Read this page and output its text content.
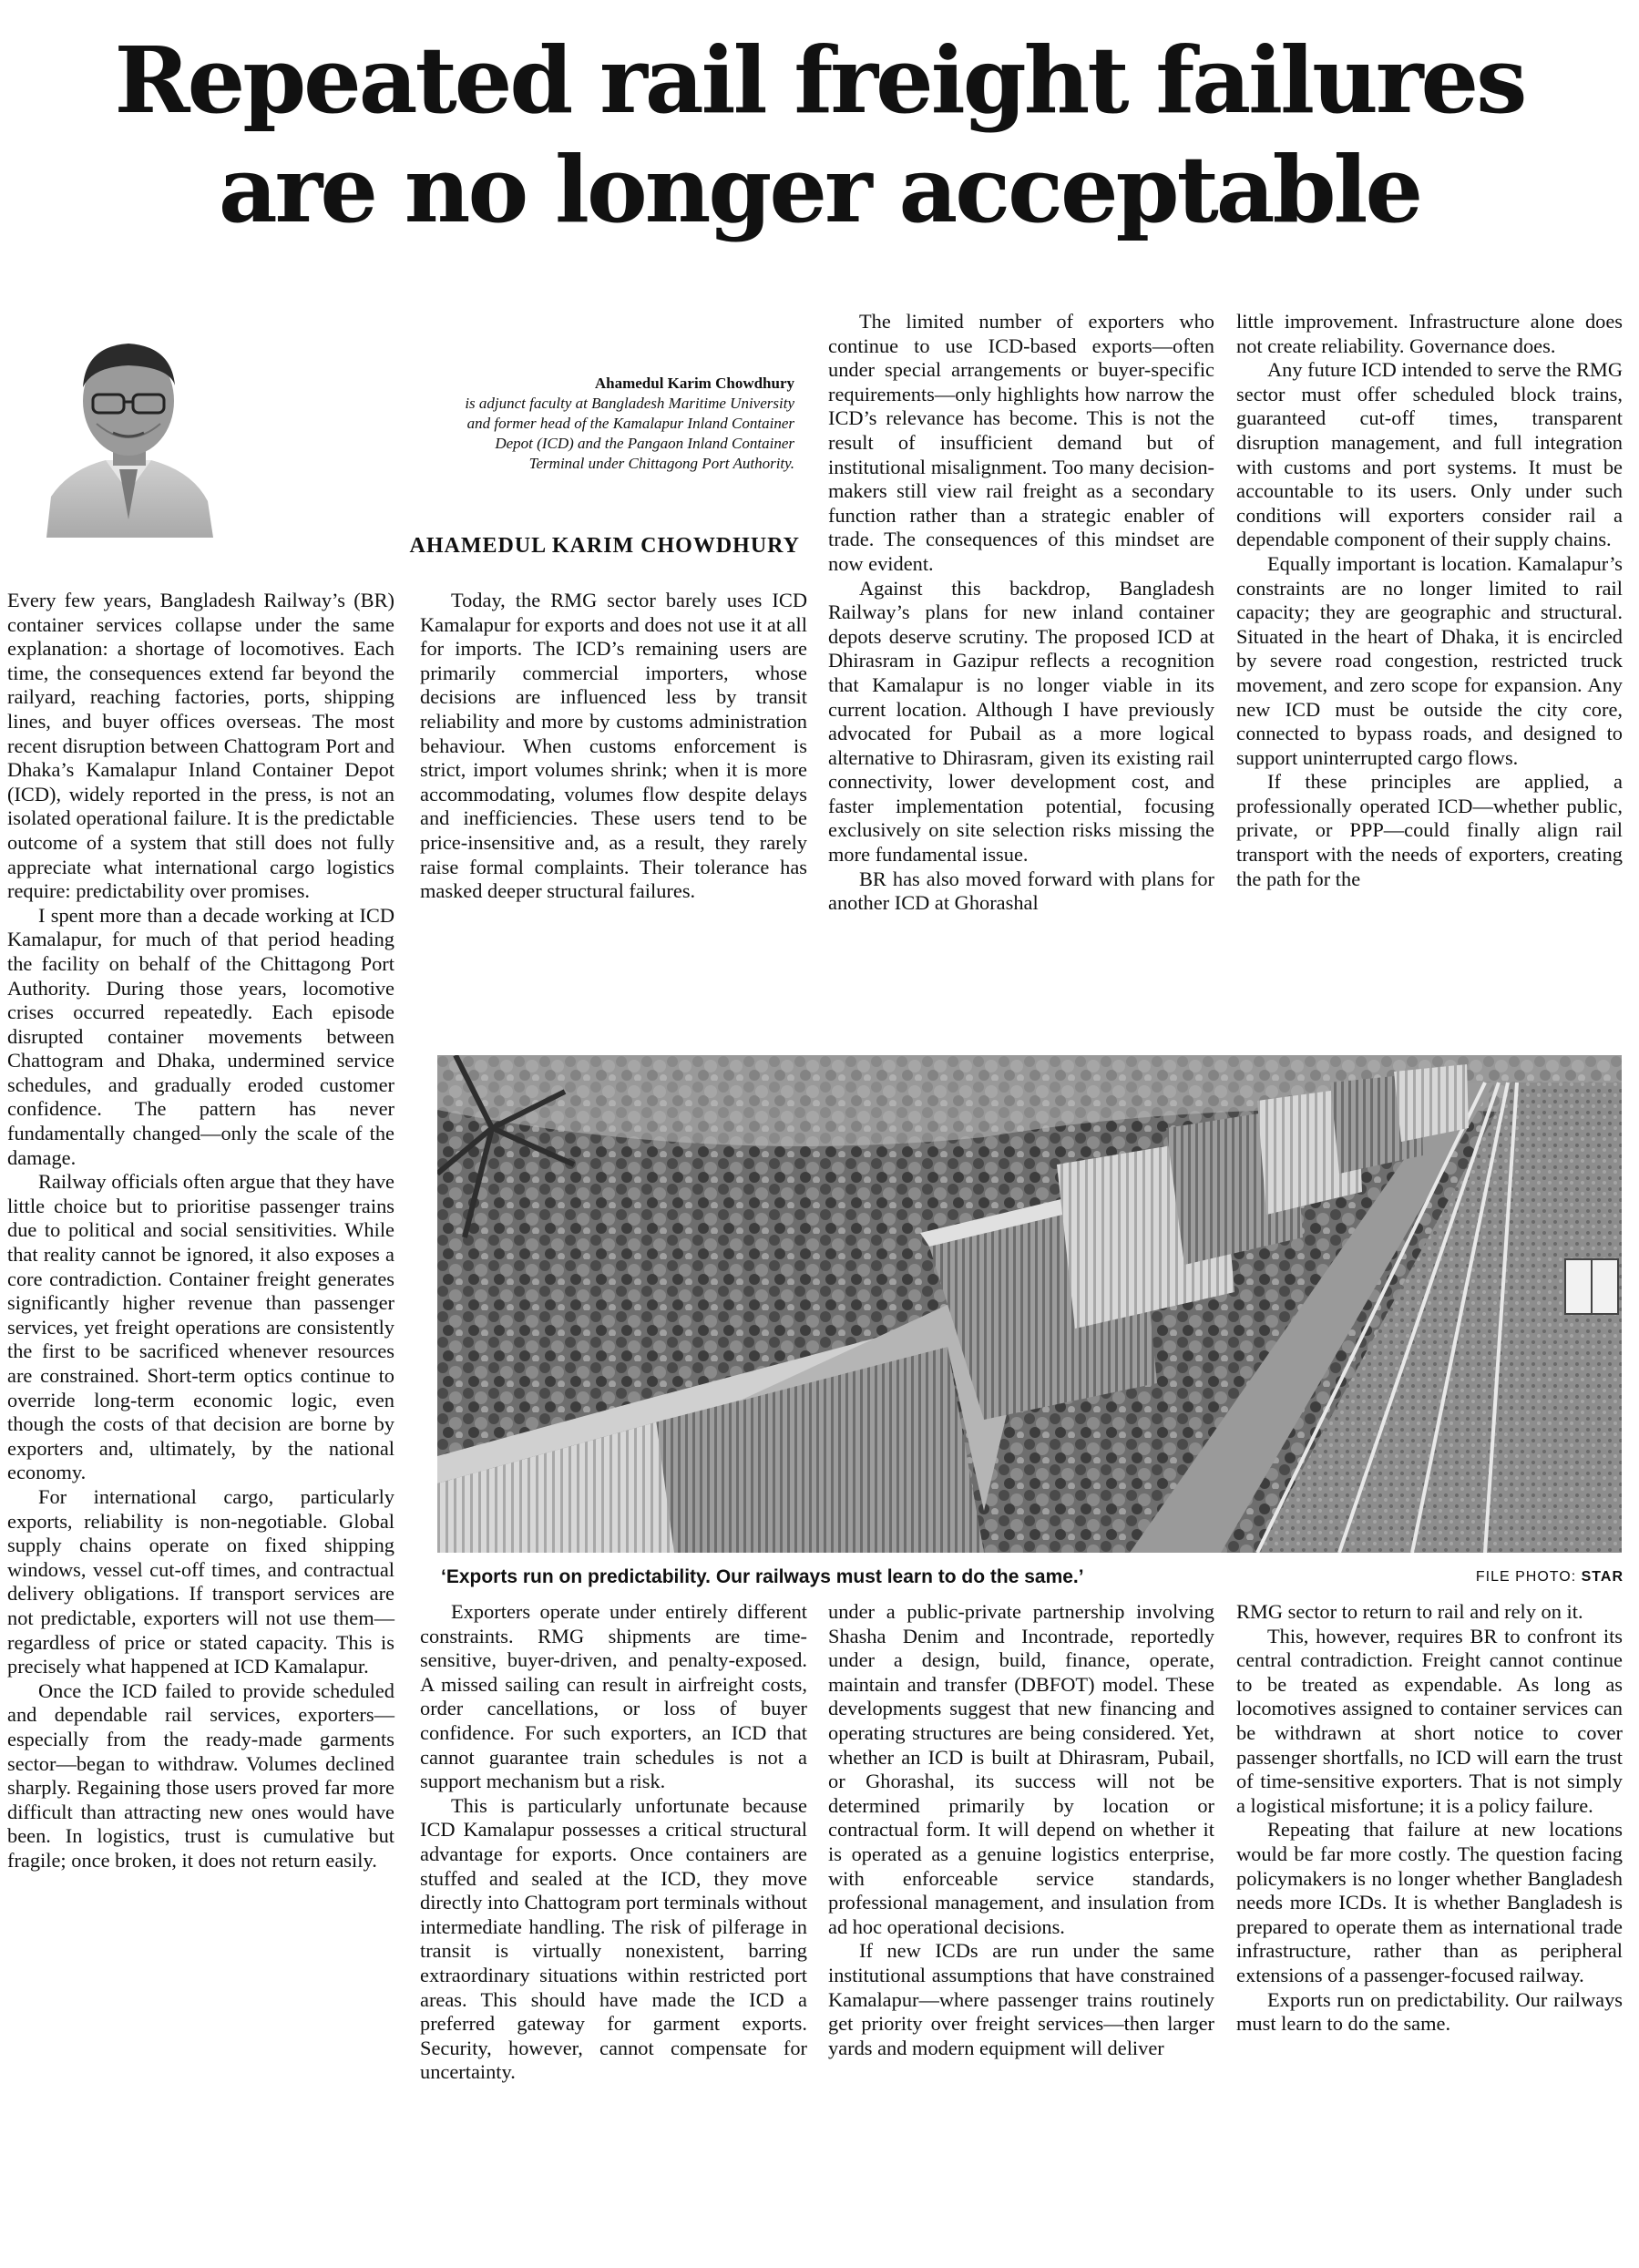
Repeated rail freight failures
are no longer acceptable
Ahamedul Karim Chowdhury
is adjunct faculty at Bangladesh Maritime University
and former head of the Kamalapur Inland Container
Depot (ICD) and the Pangaon Inland Container
Terminal under Chittagong Port Authority.
AHAMEDUL KARIM CHOWDHURY

Every few years, Bangladesh Railway’s (BR) container services collapse under the same explanation: a shortage of locomotives. Each time, the consequences extend far beyond the railyard, reaching factories, ports, shipping lines, and buyer offices overseas. The most recent disruption between Chattogram Port and Dhaka’s Kamalapur Inland Container Depot (ICD), widely reported in the press, is not an isolated operational failure. It is the predictable outcome of a system that still does not fully appreciate what international cargo logistics require: predictability over promises.

I spent more than a decade working at ICD Kamalapur, for much of that period heading the facility on behalf of the Chittagong Port Authority. During those years, locomotive crises occurred repeatedly. Each episode disrupted container movements between Chattogram and Dhaka, undermined service schedules, and gradually eroded customer confidence. The pattern has never fundamentally changed—only the scale of the damage.

Railway officials often argue that they have little choice but to prioritise passenger trains due to political and social sensitivities. While that reality cannot be ignored, it also exposes a core contradiction. Container freight generates significantly higher revenue than passenger services, yet freight operations are consistently the first to be sacrificed whenever resources are constrained. Short-term optics continue to override long-term economic logic, even though the costs of that decision are borne by exporters and, ultimately, by the national economy.

For international cargo, particularly exports, reliability is non-negotiable. Global supply chains operate on fixed shipping windows, vessel cut-off times, and contractual delivery obligations. If transport services are not predictable, exporters will not use them—regardless of price or stated capacity. This is precisely what happened at ICD Kamalapur.

Once the ICD failed to provide scheduled and dependable rail services, exporters—especially from the ready-made garments sector—began to withdraw. Volumes declined sharply. Regaining those users proved far more difficult than attracting new ones would have been. In logistics, trust is cumulative but fragile; once broken, it does not return easily.

Today, the RMG sector barely uses ICD Kamalapur for exports and does not use it at all for imports. The ICD’s remaining users are primarily commercial importers, whose decisions are influenced less by transit reliability and more by customs administration behaviour. When customs enforcement is strict, import volumes shrink; when it is more accommodating, volumes flow despite delays and inefficiencies. These users tend to be price-insensitive and, as a result, they rarely raise formal complaints. Their tolerance has masked deeper structural failures.

The limited number of exporters who continue to use ICD-based exports—often under special arrangements or buyer-specific requirements—only highlights how narrow the ICD’s relevance has become. This is not the result of insufficient demand but of institutional misalignment. Too many decision-makers still view rail freight as a secondary function rather than a strategic enabler of trade. The consequences of this mindset are now evident.

Against this backdrop, Bangladesh Railway’s plans for new inland container depots deserve scrutiny. The proposed ICD at Dhirasram in Gazipur reflects a recognition that Kamalapur is no longer viable in its current location. Although I have previously advocated for Pubail as a more logical alternative to Dhirasram, given its existing rail connectivity, lower development cost, and faster implementation potential, focusing exclusively on site selection risks missing the more fundamental issue.

BR has also moved forward with plans for another ICD at Ghorashal

little improvement. Infrastructure alone does not create reliability. Governance does.

Any future ICD intended to serve the RMG sector must offer scheduled block trains, guaranteed cut-off times, transparent disruption management, and full integration with customs and port systems. It must be accountable to its users. Only under such conditions will exporters consider rail a dependable component of their supply chains.

Equally important is location. Kamalapur’s constraints are no longer limited to rail capacity; they are geographic and structural. Situated in the heart of Dhaka, it is encircled by severe road congestion, restricted truck movement, and zero scope for expansion. Any new ICD must be outside the city core, connected to bypass roads, and designed to support uninterrupted cargo flows.

If these principles are applied, a professionally operated ICD—whether public, private, or PPP—could finally align rail transport with the needs of exporters, creating the path for the

‘Exports run on predictability. Our railways must learn to do the same.’	FILE PHOTO: STAR

Exporters operate under entirely different constraints. RMG shipments are time-sensitive, buyer-driven, and penalty-exposed. A missed sailing can result in airfreight costs, order cancellations, or loss of buyer confidence. For such exporters, an ICD that cannot guarantee train schedules is not a support mechanism but a risk.

This is particularly unfortunate because ICD Kamalapur possesses a critical structural advantage for exports. Once containers are stuffed and sealed at the ICD, they move directly into Chattogram port terminals without intermediate handling. The risk of pilferage in transit is virtually nonexistent, barring extraordinary situations within restricted port areas. This should have made the ICD a preferred gateway for garment exports. Security, however, cannot compensate for uncertainty.

under a public-private partnership involving Shasha Denim and Incontrade, reportedly under a design, build, finance, operate, maintain and transfer (DBFOT) model. These developments suggest that new financing and operating structures are being considered. Yet, whether an ICD is built at Dhirasram, Pubail, or Ghorashal, its success will not be determined primarily by location or contractual form. It will depend on whether it is operated as a genuine logistics enterprise, with enforceable service standards, professional management, and insulation from ad hoc operational decisions.

If new ICDs are run under the same institutional assumptions that have constrained Kamalapur—where passenger trains routinely get priority over freight services—then larger yards and modern equipment will deliver

RMG sector to return to rail and rely on it.

This, however, requires BR to confront its central contradiction. Freight cannot continue to be treated as expendable. As long as locomotives assigned to container services can be withdrawn at short notice to cover passenger shortfalls, no ICD will earn the trust of time-sensitive exporters. That is not simply a logistical misfortune; it is a policy failure.

Repeating that failure at new locations would be far more costly. The question facing policymakers is no longer whether Bangladesh needs more ICDs. It is whether Bangladesh is prepared to operate them as international trade infrastructure, rather than as peripheral extensions of a passenger-focused railway.

Exports run on predictability. Our railways must learn to do the same.
